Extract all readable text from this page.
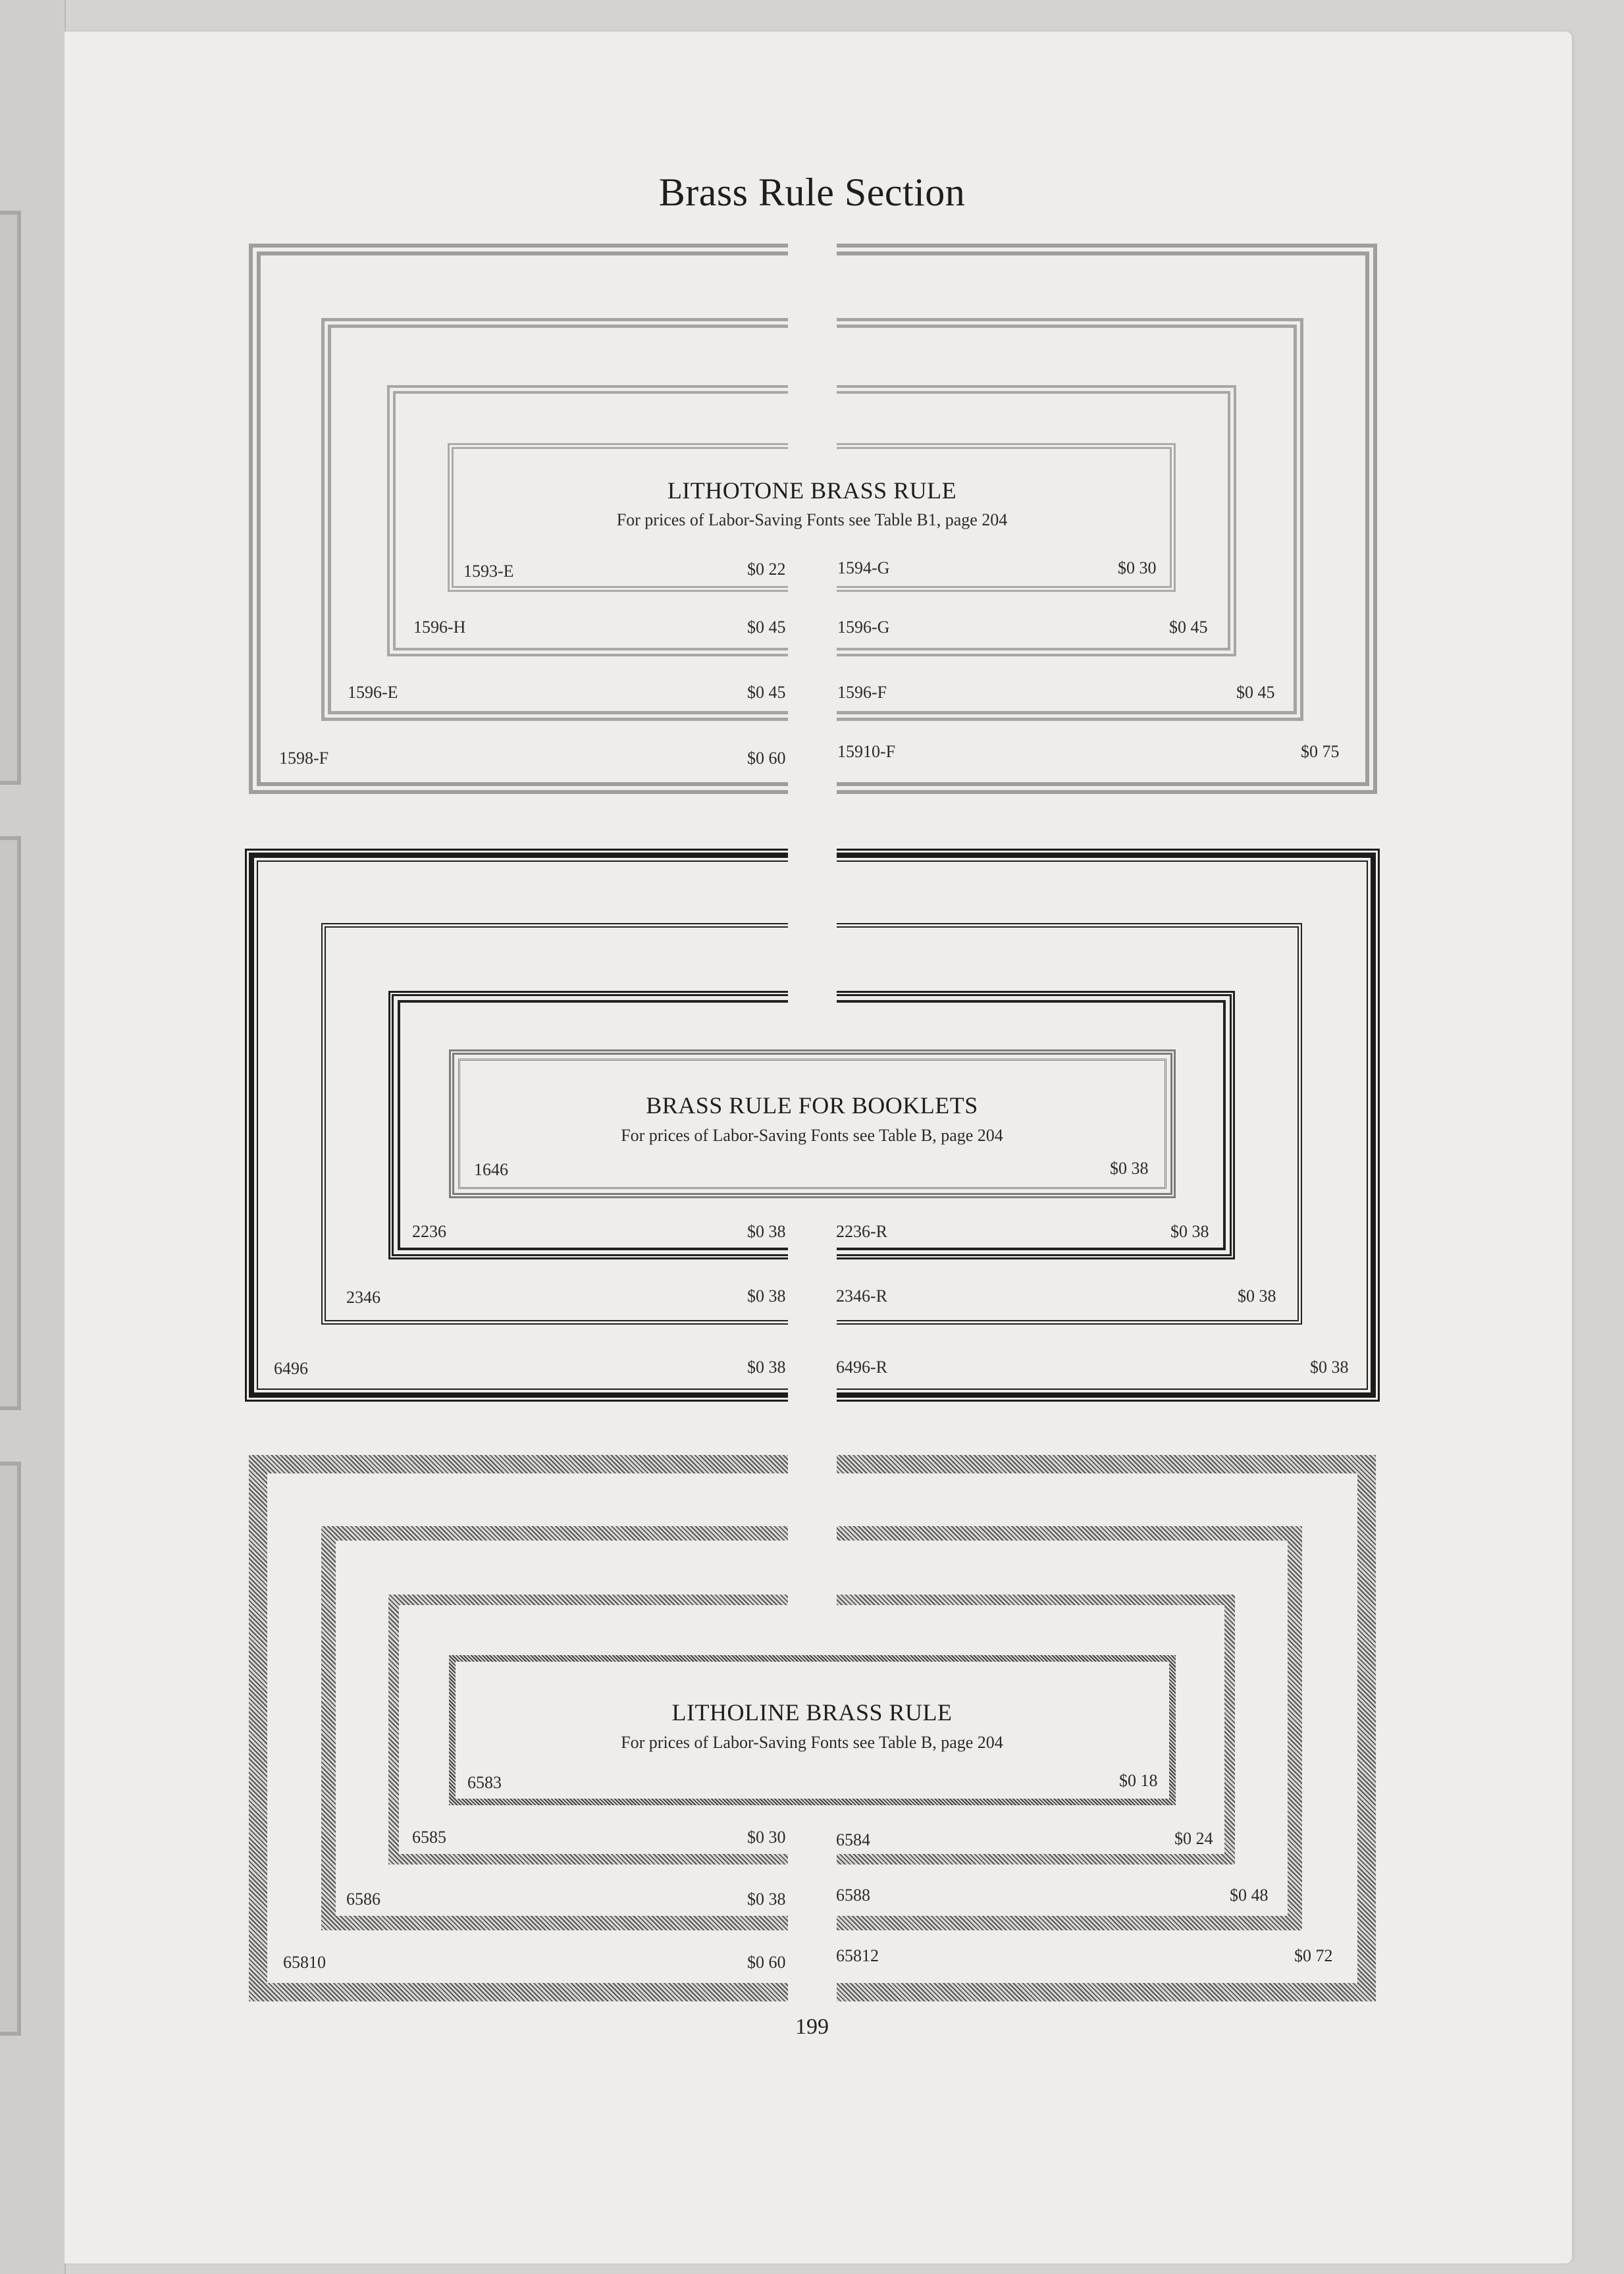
Brass Rule Section
LITHOTONE BRASS RULE
For prices of Labor-Saving Fonts see Table B1, page 204
1593-E	$0 22	1594-G	$0 30
1596-H	$0 45	1596-G	$0 45
1596-E	$0 45	1596-F	$0 45
1598-F	$0 60	15910-F	$0 75
BRASS RULE FOR BOOKLETS
For prices of Labor-Saving Fonts see Table B, page 204
1646	$0 38
2236	$0 38	2236-R	$0 38
2346	$0 38	2346-R	$0 38
6496	$0 38	6496-R	$0 38
LITHOLINE BRASS RULE
For prices of Labor-Saving Fonts see Table B, page 204
6583	$0 18
6585	$0 30	6584	$0 24
6586	$0 38	6588	$0 48
65810	$0 60	65812	$0 72
199
